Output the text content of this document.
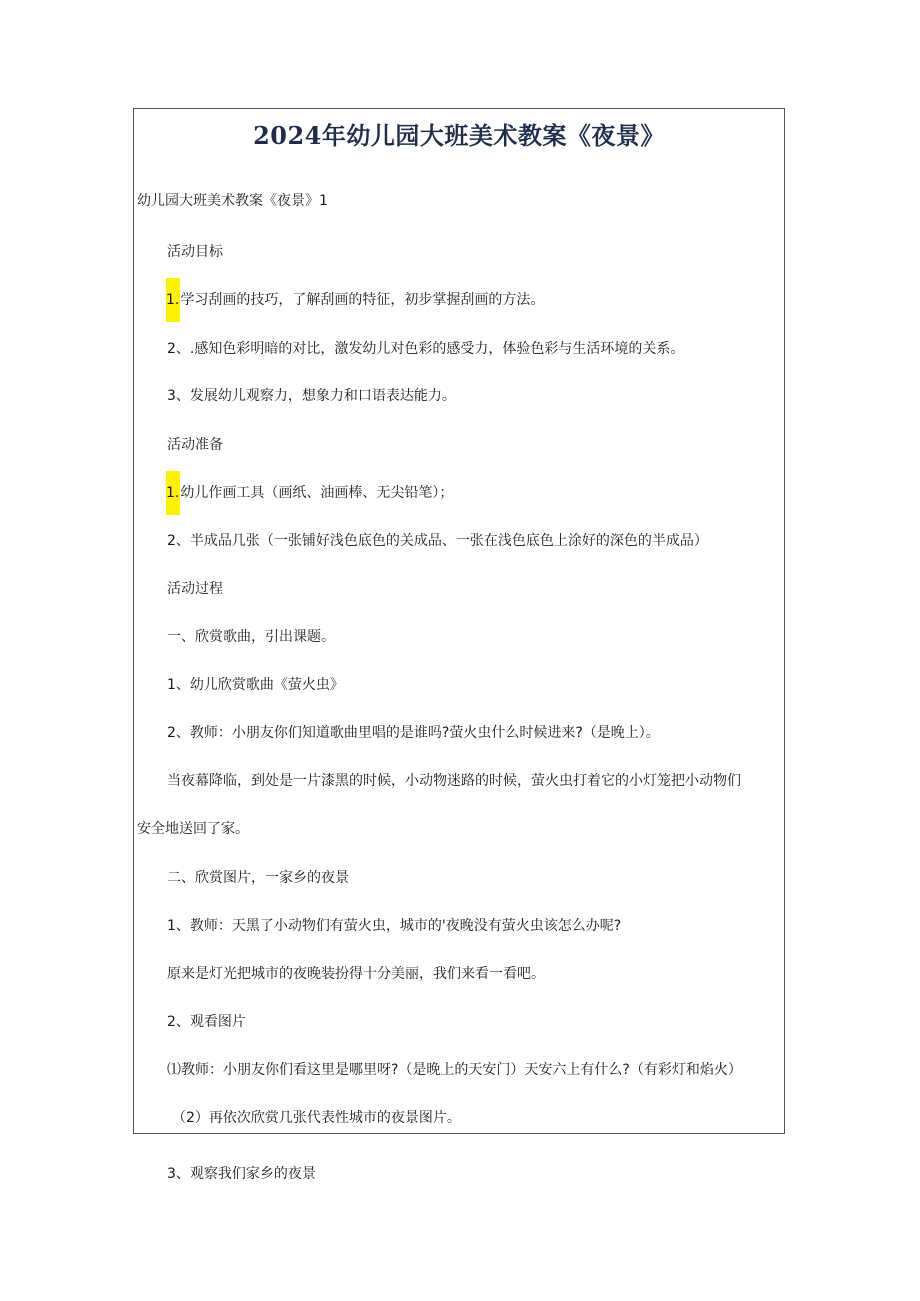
2024年幼儿园大班美术教案《夜景》
幼儿园大班美术教案《夜景》1
活动目标
1.学习刮画的技巧，了解刮画的特征，初步掌握刮画的方法。
2、.感知色彩明暗的对比，激发幼儿对色彩的感受力，体验色彩与生活环境的关系。
3、发展幼儿观察力，想象力和口语表达能力。
活动准备
1.幼儿作画工具（画纸、油画棒、无尖铅笔）；
2、半成品几张（一张铺好浅色底色的关成品、一张在浅色底色上涂好的深色的半成品）
活动过程
一、欣赏歌曲，引出课题。
1、幼儿欣赏歌曲《萤火虫》
2、教师：小朋友你们知道歌曲里唱的是谁吗?萤火虫什么时候进来?（是晚上）。
当夜幕降临，到处是一片漆黑的时候，小动物迷路的时候，萤火虫打着它的小灯笼把小动物们
安全地送回了家。
二、欣赏图片，一家乡的夜景
1、教师：天黑了小动物们有萤火虫，城市的'夜晚没有萤火虫该怎么办呢?
原来是灯光把城市的夜晚装扮得十分美丽，我们来看一看吧。
2、观看图片
⑴教师：小朋友你们看这里是哪里呀?（是晚上的天安门）天安六上有什么?（有彩灯和焰火）
（2）再依次欣赏几张代表性城市的夜景图片。
3、观察我们家乡的夜景
